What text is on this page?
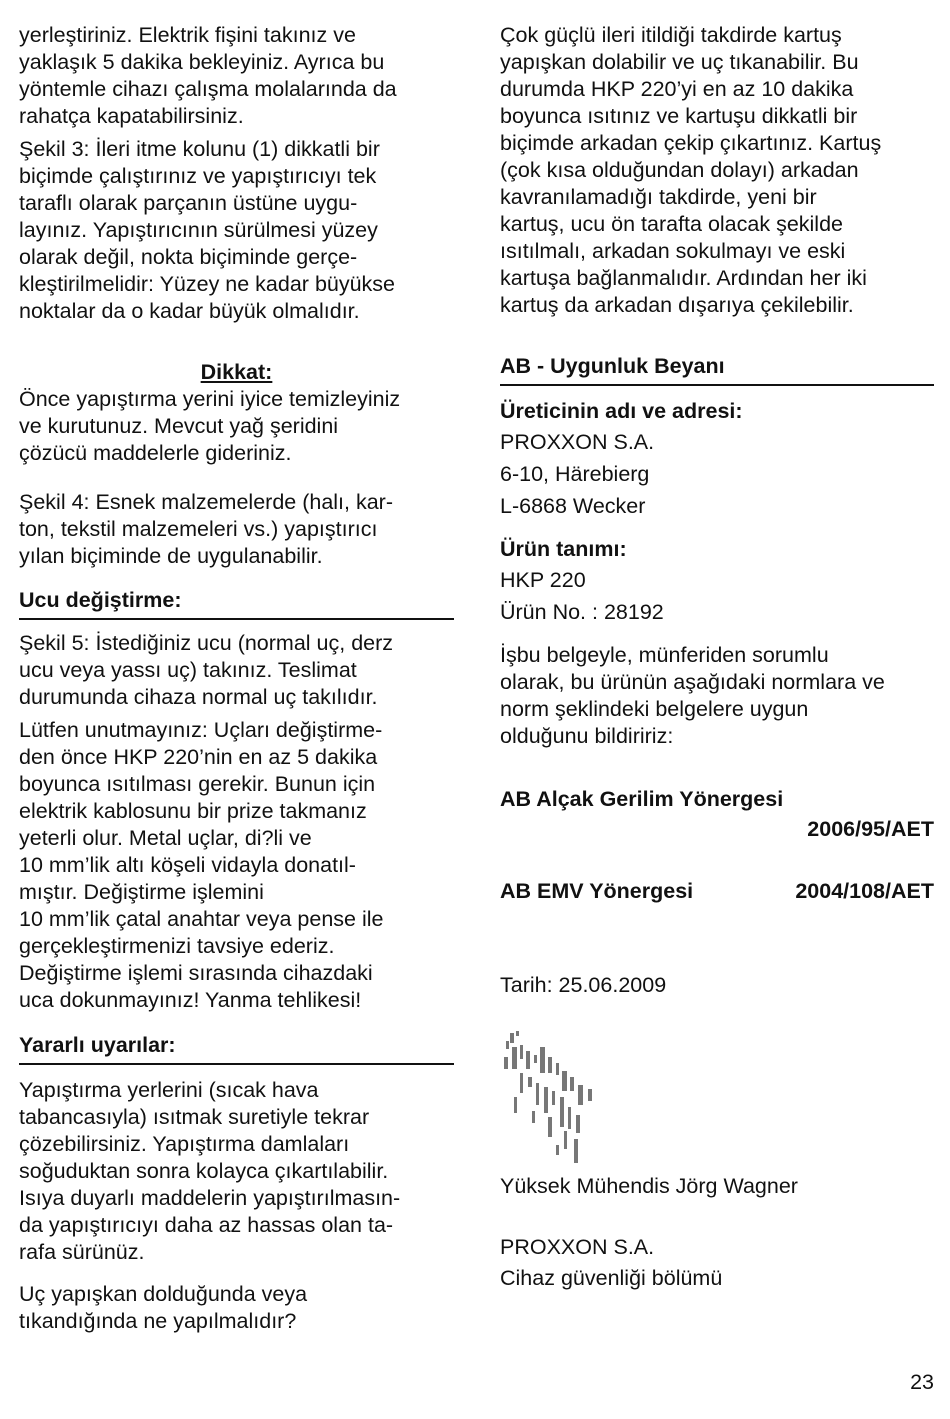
yerleştiriniz. Elektrik fişini takınız ve
yaklaşık 5 dakika bekleyiniz. Ayrıca bu
yöntemle cihazı çalışma molalarında da
rahatça kapatabilirsiniz.

Şekil 3: İleri itme kolunu (1) dikkatli bir
biçimde çalıştırınız ve yapıştırıcıyı tek
taraflı olarak parçanın üstüne uygu-
layınız. Yapıştırıcının sürülmesi yüzey
olarak değil, nokta biçiminde gerçe-
kleştirilmelidir: Yüzey ne kadar büyükse
noktalar da o kadar büyük olmalıdır.

Dikkat:

Önce yapıştırma yerini iyice temizleyiniz
ve kurutunuz. Mevcut yağ şeridini
çözücü maddelerle gideriniz.

Şekil 4: Esnek malzemelerde (halı, kar-
ton, tekstil malzemeleri vs.) yapıştırıcı
yılan biçiminde de uygulanabilir.

Ucu değiştirme:

Şekil 5: İstediğiniz ucu (normal uç, derz
ucu veya yassı uç) takınız. Teslimat
durumunda cihaza normal uç takılıdır.

Lütfen unutmayınız: Uçları değiştirme-
den önce HKP 220’nin en az 5 dakika
boyunca ısıtılması gerekir. Bunun için
elektrik kablosunu bir prize takmanız
yeterli olur. Metal uçlar, di?li ve
10 mm’lik altı köşeli vidayla donatıl-
mıştır. Değiştirme işlemini
10 mm’lik çatal anahtar veya pense ile
gerçekleştirmenizi tavsiye ederiz.
Değiştirme işlemi sırasında cihazdaki
uca dokunmayınız! Yanma tehlikesi!

Yararlı uyarılar:

Yapıştırma yerlerini (sıcak hava
tabancasıyla) ısıtmak suretiyle tekrar
çözebilirsiniz. Yapıştırma damlaları
soğuduktan sonra kolayca çıkartılabilir.
Isıya duyarlı maddelerin yapıştırılmasın-
da yapıştırıcıyı daha az hassas olan ta-
rafa sürünüz.

Uç yapışkan dolduğunda veya
tıkandığında ne yapılmalıdır?

Çok güçlü ileri itildiği takdirde kartuş
yapışkan dolabilir ve uç tıkanabilir. Bu
durumda HKP 220’yi en az 10 dakika
boyunca ısıtınız ve kartuşu dikkatli bir
biçimde arkadan çekip çıkartınız. Kartuş
(çok kısa olduğundan dolayı) arkadan
kavranılamadığı takdirde, yeni bir
kartuş, ucu ön tarafta olacak şekilde
ısıtılmalı, arkadan sokulmayı ve eski
kartuşa bağlanmalıdır. Ardından her iki
kartuş da arkadan dışarıya çekilebilir.

AB - Uygunluk Beyanı

Üreticinin adı ve adresi:

PROXXON S.A.

6-10, Härebierg

L-6868 Wecker

Ürün tanımı:

HKP 220

Ürün No. : 28192

İşbu belgeyle, münferiden sorumlu
olarak, bu ürünün aşağıdaki normlara ve
norm şeklindeki belgelere uygun
olduğunu bildiririz:

AB Alçak Gerilim Yönergesi

2006/95/AET

AB EMV Yönergesi	2004/108/AET

Tarih: 25.06.2009

Yüksek Mühendis Jörg Wagner

PROXXON S.A.

Cihaz güvenliği bölümü

23
